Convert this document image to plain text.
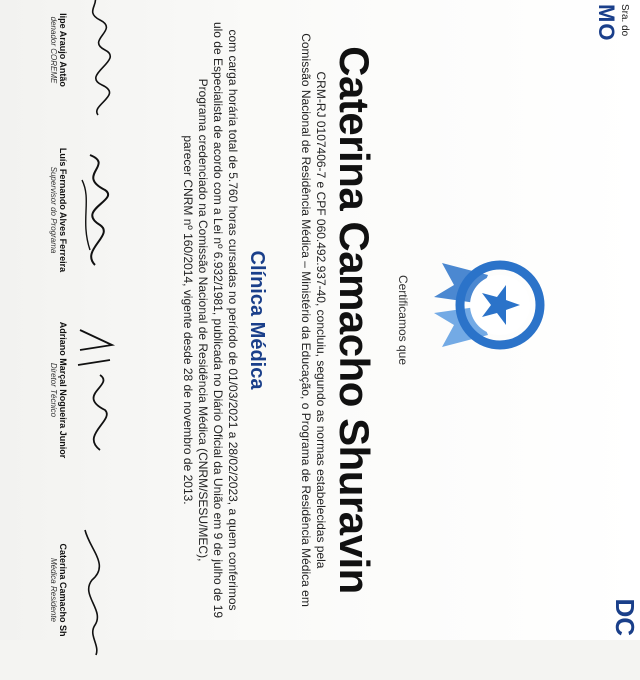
Sra. do
MO
DC
Certificamos que
Caterina Camacho Shuravin
CRM-RJ 0107406-7 e CPF 060.492.937-40, concluiu, segundo as normas estabelecidas pela
Comissão Nacional de Residência Médica – Ministério da Educação, o Programa de Residência Médica em
Clínica Médica
com carga horária total de 5.760 horas cursadas no período de 01/03/2021 a 28/02/2023, a quem conferimos
ulo de Especialista de acordo com a Lei nº 6.932/1981, publicada no Diário Oficial da União em 9 de julho de 19
Programa credenciado na Comissão Nacional de Residência Médica (CNRM/SESU/MEC),
parecer CNRM nº 160/2014, vigente desde 28 de novembro de 2013.
lipe Araujo Antão
denador COREME
Luís Fernando Alves Ferreira
Supervisor do Programa
Adriano Marçal Nogueira Junior
Diretor Técnico
Caterina Camacho Sh
Médica Residente
